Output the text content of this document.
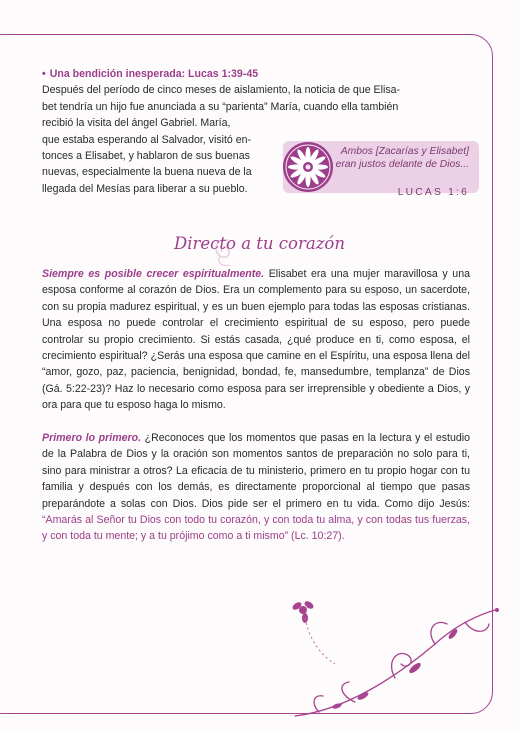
• Una bendición inesperada: Lucas 1:39-45
Después del período de cinco meses de aislamiento, la noticia de que Elisa-
bet tendría un hijo fue anunciada a su “parienta” María, cuando ella también
recibió la visita del ángel Gabriel. María,
que estaba esperando al Salvador, visitó en-
tonces a Elisabet, y hablaron de sus buenas
nuevas, especialmente la buena nueva de la
llegada del Mesías para liberar a su pueblo.
Ambos [Zacarías y Elisabet] eran justos delante de Dios...
LUCAS 1:6
Directo a tu corazón
Siempre es posible crecer espiritualmente. Elisabet era una mujer maravillosa y una esposa conforme al corazón de Dios. Era un complemento para su esposo, un sacerdote, con su propia madurez espiritual, y es un buen ejemplo para todas las esposas cristianas. Una esposa no puede controlar el crecimiento espiritual de su esposo, pero puede controlar su propio crecimiento. Si estás casada, ¿qué produce en ti, como esposa, el crecimiento espiritual? ¿Serás una esposa que camine en el Espíritu, una esposa llena del “amor, gozo, paz, paciencia, benignidad, bondad, fe, mansedumbre, templanza” de Dios (Gá. 5:22-23)? Haz lo necesario como esposa para ser irreprensible y obediente a Dios, y ora para que tu esposo haga lo mismo.
Primero lo primero. ¿Reconoces que los momentos que pasas en la lectura y el estudio de la Palabra de Dios y la oración son momentos santos de preparación no solo para ti, sino para ministrar a otros? La eficacia de tu ministerio, primero en tu propio hogar con tu familia y después con los demás, es directamente proporcional al tiempo que pasas preparándote a solas con Dios. Dios pide ser el primero en tu vida. Como dijo Jesús: “Amarás al Señor tu Dios con todo tu corazón, y con toda tu alma, y con todas tus fuerzas, y con toda tu mente; y a tu prójimo como a ti mismo” (Lc. 10:27).
